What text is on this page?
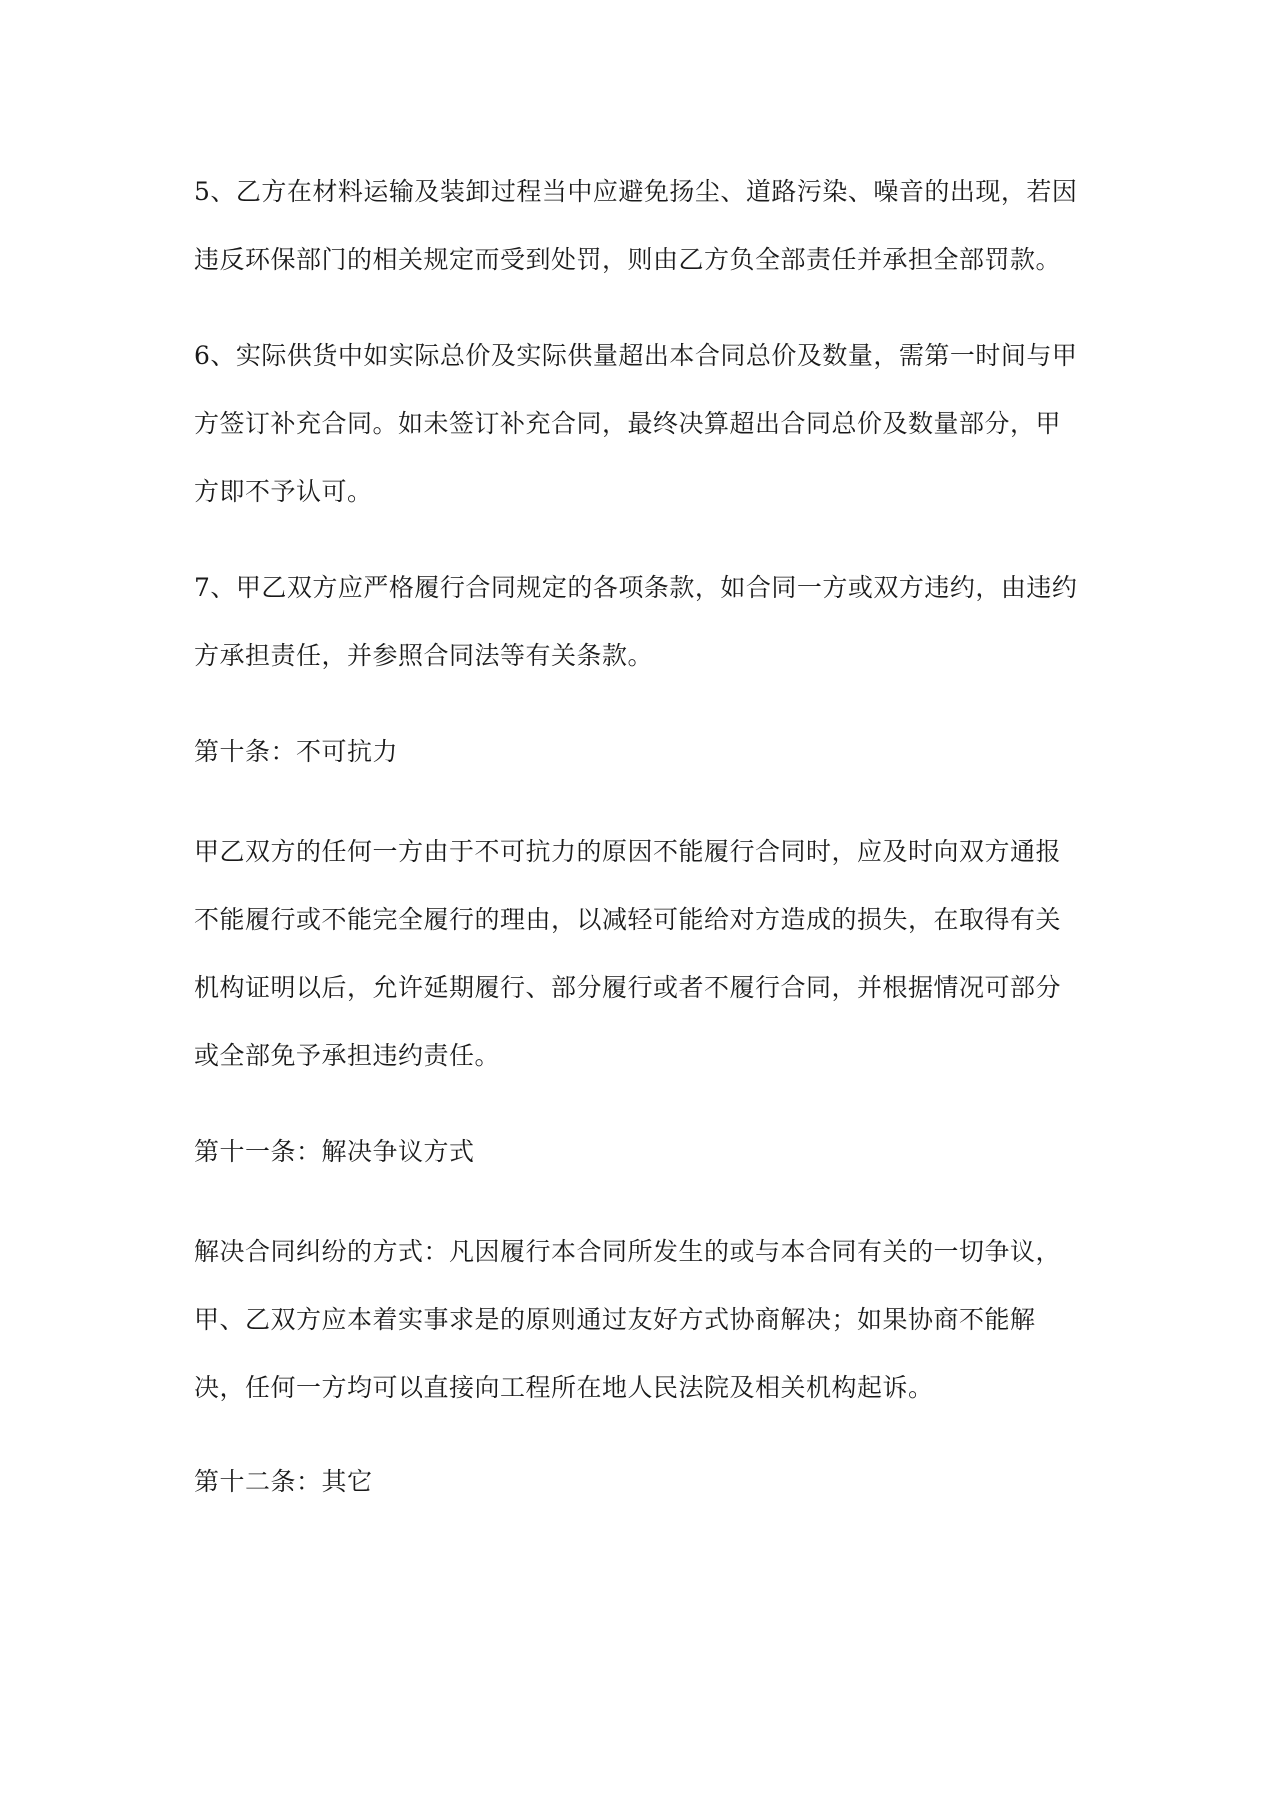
5、乙方在材料运输及装卸过程当中应避免扬尘、道路污染、噪音的出现，若因
违反环保部门的相关规定而受到处罚，则由乙方负全部责任并承担全部罚款。
6、实际供货中如实际总价及实际供量超出本合同总价及数量，需第一时间与甲
方签订补充合同。如未签订补充合同，最终决算超出合同总价及数量部分，甲
方即不予认可。
7、甲乙双方应严格履行合同规定的各项条款，如合同一方或双方违约，由违约
方承担责任，并参照合同法等有关条款。
第十条：不可抗力
甲乙双方的任何一方由于不可抗力的原因不能履行合同时，应及时向双方通报
不能履行或不能完全履行的理由，以减轻可能给对方造成的损失，在取得有关
机构证明以后，允许延期履行、部分履行或者不履行合同，并根据情况可部分
或全部免予承担违约责任。
第十一条：解决争议方式
解决合同纠纷的方式：凡因履行本合同所发生的或与本合同有关的一切争议，
甲、乙双方应本着实事求是的原则通过友好方式协商解决；如果协商不能解
决，任何一方均可以直接向工程所在地人民法院及相关机构起诉。
第十二条：其它
